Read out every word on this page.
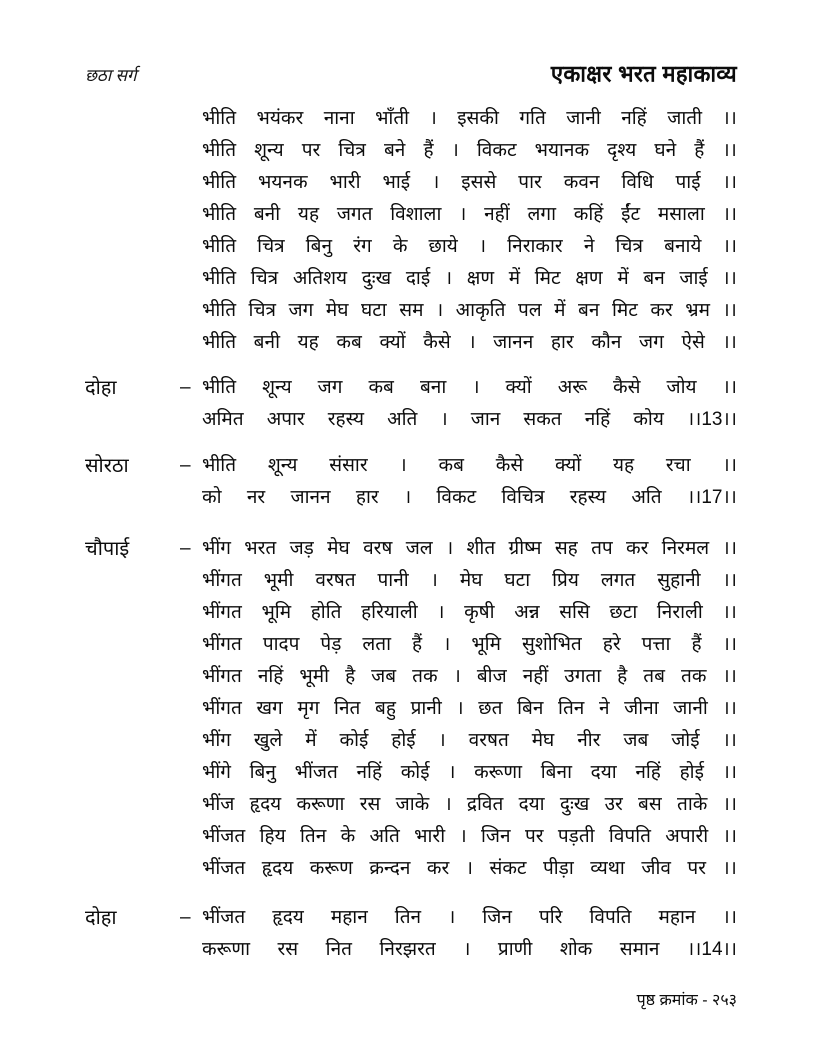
छठा सर्ग	एकाक्षर भरत महाकाव्य
भीति भयंकर नाना भाँती । इसकी गति जानी नहिं जाती ।।
भीति शून्य पर चित्र बने हैं । विकट भयानक दृश्य घने हैं ।।
भीति भयनक भारी भाई । इससे पार कवन विधि पाई ।।
भीति बनी यह जगत विशाला । नहीं लगा कहिं ईंट मसाला ।।
भीति चित्र बिनु रंग के छाये । निराकार ने चित्र बनाये ।।
भीति चित्र अतिशय दुःख दाई । क्षण में मिट क्षण में बन जाई ।।
भीति चित्र जग मेघ घटा सम । आकृति पल में बन मिट कर भ्रम ।।
भीति बनी यह कब क्यों कैसे । जानन हार कौन जग ऐसे ।।
दोहा	– भीति शून्य जग कब बना । क्यों अरू कैसे जोय ।।
अमित अपार रहस्य अति । जान सकत नहिं कोय ।।13।।
सोरठा	– भीति शून्य संसार । कब कैसे क्यों यह रचा ।।
को नर जानन हार । विकट विचित्र रहस्य अति ।।17।।
चौपाई	– भींग भरत जड़ मेघ वरष जल । शीत ग्रीष्म सह तप कर निरमल ।।
भींगत भूमी वरषत पानी । मेघ घटा प्रिय लगत सुहानी ।।
भींगत भूमि होति हरियाली । कृषी अन्न ससि छटा निराली ।।
भींगत पादप पेड़ लता हैं । भूमि सुशोभित हरे पत्ता हैं ।।
भींगत नहिं भूमी है जब तक । बीज नहीं उगता है तब तक ।।
भींगत खग मृग नित बहु प्रानी । छत बिन तिन ने जीना जानी ।।
भींग खुले में कोई होई । वरषत मेघ नीर जब जोई ।।
भींगे बिनु भींजत नहिं कोई । करूणा बिना दया नहिं होई ।।
भींज हृदय करूणा रस जाके । द्रवित दया दुःख उर बस ताके ।।
भींजत हिय तिन के अति भारी । जिन पर पड़ती विपति अपारी ।।
भींजत हृदय करूण क्रन्दन कर । संकट पीड़ा व्यथा जीव पर ।।
दोहा	– भींजत हृदय महान तिन । जिन परि विपति महान ।।
करूणा रस नित निरझरत । प्राणी शोक समान ।।14।।
पृष्ठ क्रमांक - २५३
